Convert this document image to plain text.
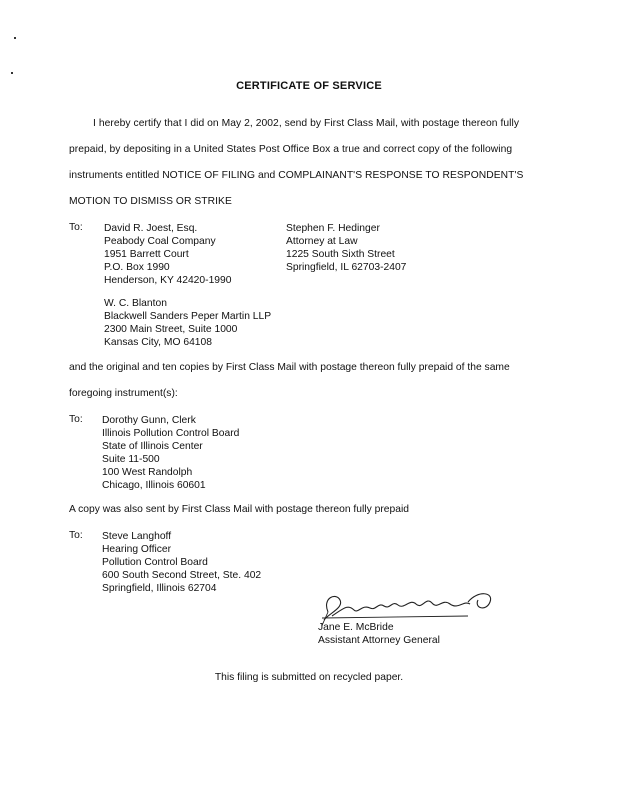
CERTIFICATE OF SERVICE
I hereby certify that I did on May 2, 2002, send by First Class Mail, with postage thereon fully
prepaid, by depositing in a United States Post Office Box a true and correct copy of the following
instruments entitled NOTICE OF FILING and COMPLAINANT'S RESPONSE TO RESPONDENT'S
MOTION TO DISMISS OR STRIKE
To: David R. Joest, Esq.
Peabody Coal Company
1951 Barrett Court
P.O. Box 1990
Henderson, KY 42420-1990
Stephen F. Hedinger
Attorney at Law
1225 South Sixth Street
Springfield, IL 62703-2407
W. C. Blanton
Blackwell Sanders Peper Martin LLP
2300 Main Street, Suite 1000
Kansas City, MO 64108
and the original and ten copies by First Class Mail with postage thereon fully prepaid of the same
foregoing instrument(s):
To: Dorothy Gunn, Clerk
Illinois Pollution Control Board
State of Illinois Center
Suite 11-500
100 West Randolph
Chicago, Illinois 60601
A copy was also sent by First Class Mail with postage thereon fully prepaid
To: Steve Langhoff
Hearing Officer
Pollution Control Board
600 South Second Street, Ste. 402
Springfield, Illinois 62704
Jane E. McBride
Assistant Attorney General
This filing is submitted on recycled paper.
